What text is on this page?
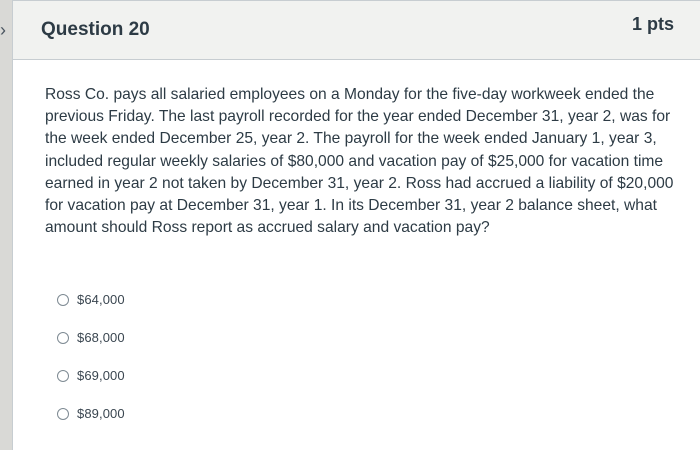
›	Question 20	1 pts
Ross Co. pays all salaried employees on a Monday for the five-day workweek ended the previous Friday. The last payroll recorded for the year ended December 31, year 2, was for the week ended December 25, year 2. The payroll for the week ended January 1, year 3, included regular weekly salaries of $80,000 and vacation pay of $25,000 for vacation time earned in year 2 not taken by December 31, year 2. Ross had accrued a liability of $20,000 for vacation pay at December 31, year 1. In its December 31, year 2 balance sheet, what amount should Ross report as accrued salary and vacation pay?
$64,000
$68,000
$69,000
$89,000
